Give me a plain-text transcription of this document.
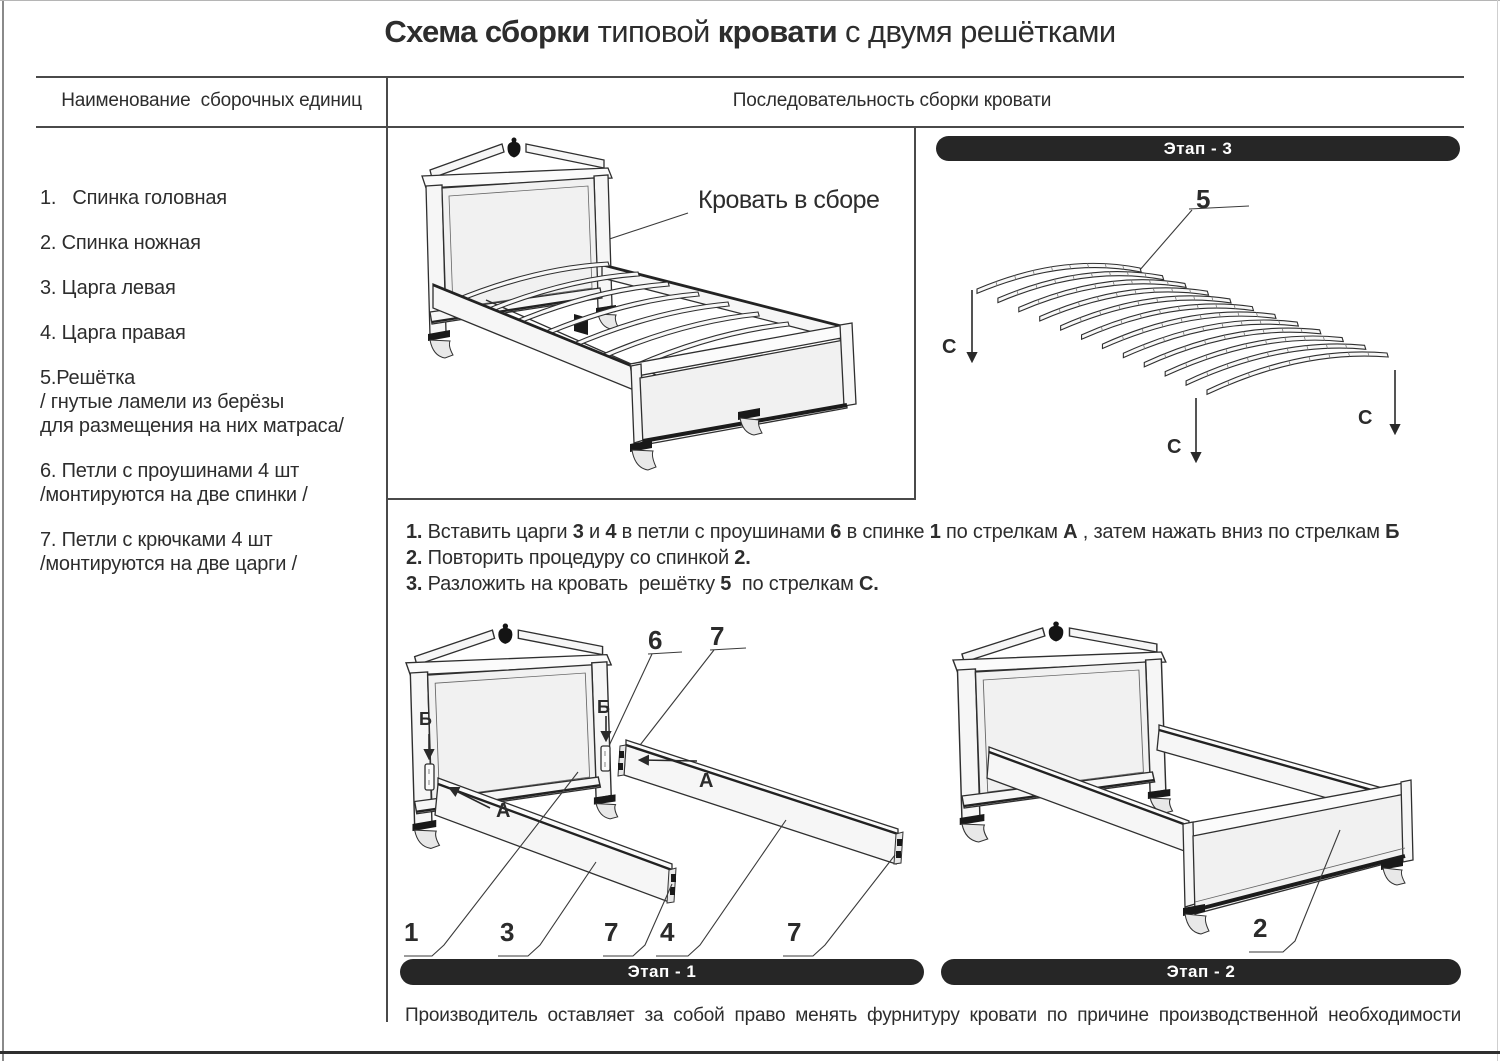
Схема сборки типовой кровати с двумя решётками
Наименование  сборочных единиц	Последовательность сборки кровати
1.   Спинка головная
2. Спинка ножная
3. Царга левая
4. Царга правая
5.Решётка
/ гнутые ламели из берёзы
для размещения на них матраса/
6. Петли с проушинами 4 шт
/монтируются на две спинки /
7. Петли с крючками 4 шт
/монтируются на две царги /
Кровать в сборе
Этап - 3
5
С
С
С
1. Вставить царги 3 и 4 в петли с проушинами 6 в спинке 1 по стрелкам А , затем нажать вниз по стрелкам Б
2. Повторить процедуру со спинкой 2.
3. Разложить на кровать  решётку 5  по стрелкам С.
6 7
Б
Б
А
А
1	3	7 4	7	2
Этап - 1	Этап - 2
Производитель оставляет за собой право менять фурнитуру кровати по причине производственной необходимости
